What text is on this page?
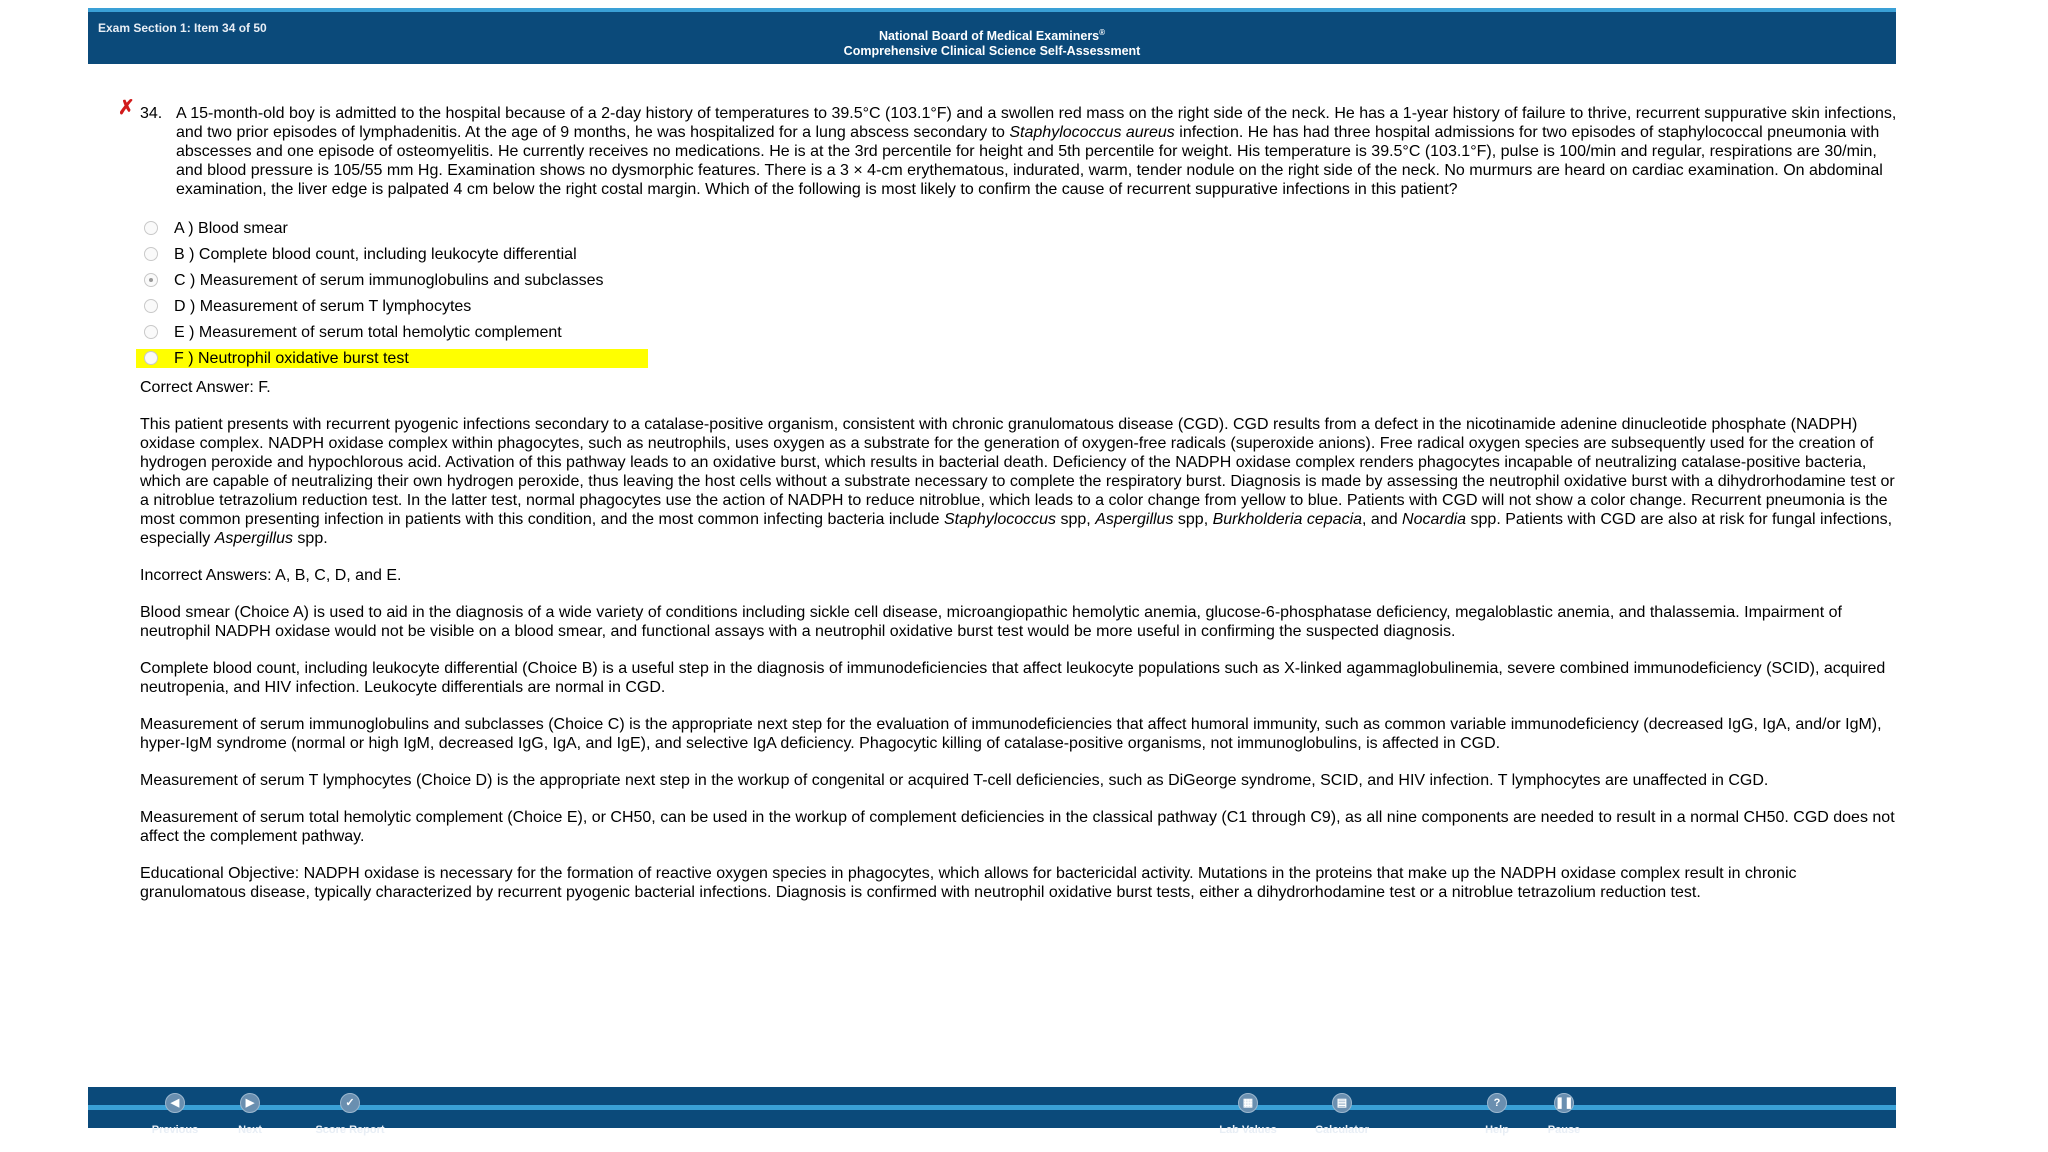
Exam Section 1: Item 34 of 50
National Board of Medical Examiners®
Comprehensive Clinical Science Self-Assessment
✗ 34. A 15-month-old boy is admitted to the hospital because of a 2-day history of temperatures to 39.5°C (103.1°F) and a swollen red mass on the right side of the neck. He has a 1-year history of failure to thrive, recurrent suppurative skin infections, and two prior episodes of lymphadenitis. At the age of 9 months, he was hospitalized for a lung abscess secondary to Staphylococcus aureus infection. He has had three hospital admissions for two episodes of staphylococcal pneumonia with abscesses and one episode of osteomyelitis. He currently receives no medications. He is at the 3rd percentile for height and 5th percentile for weight. His temperature is 39.5°C (103.1°F), pulse is 100/min and regular, respirations are 30/min, and blood pressure is 105/55 mm Hg. Examination shows no dysmorphic features. There is a 3 × 4-cm erythematous, indurated, warm, tender nodule on the right side of the neck. No murmurs are heard on cardiac examination. On abdominal examination, the liver edge is palpated 4 cm below the right costal margin. Which of the following is most likely to confirm the cause of recurrent suppurative infections in this patient?
A ) Blood smear
B ) Complete blood count, including leukocyte differential
C ) Measurement of serum immunoglobulins and subclasses
D ) Measurement of serum T lymphocytes
E ) Measurement of serum total hemolytic complement
F ) Neutrophil oxidative burst test
Correct Answer: F.
This patient presents with recurrent pyogenic infections secondary to a catalase-positive organism, consistent with chronic granulomatous disease (CGD). CGD results from a defect in the nicotinamide adenine dinucleotide phosphate (NADPH) oxidase complex. NADPH oxidase complex within phagocytes, such as neutrophils, uses oxygen as a substrate for the generation of oxygen-free radicals (superoxide anions). Free radical oxygen species are subsequently used for the creation of hydrogen peroxide and hypochlorous acid. Activation of this pathway leads to an oxidative burst, which results in bacterial death. Deficiency of the NADPH oxidase complex renders phagocytes incapable of neutralizing catalase-positive bacteria, which are capable of neutralizing their own hydrogen peroxide, thus leaving the host cells without a substrate necessary to complete the respiratory burst. Diagnosis is made by assessing the neutrophil oxidative burst with a dihydrorhodamine test or a nitroblue tetrazolium reduction test. In the latter test, normal phagocytes use the action of NADPH to reduce nitroblue, which leads to a color change from yellow to blue. Patients with CGD will not show a color change. Recurrent pneumonia is the most common presenting infection in patients with this condition, and the most common infecting bacteria include Staphylococcus spp, Aspergillus spp, Burkholderia cepacia, and Nocardia spp. Patients with CGD are also at risk for fungal infections, especially Aspergillus spp.
Incorrect Answers: A, B, C, D, and E.
Blood smear (Choice A) is used to aid in the diagnosis of a wide variety of conditions including sickle cell disease, microangiopathic hemolytic anemia, glucose-6-phosphatase deficiency, megaloblastic anemia, and thalassemia. Impairment of neutrophil NADPH oxidase would not be visible on a blood smear, and functional assays with a neutrophil oxidative burst test would be more useful in confirming the suspected diagnosis.
Complete blood count, including leukocyte differential (Choice B) is a useful step in the diagnosis of immunodeficiencies that affect leukocyte populations such as X-linked agammaglobulinemia, severe combined immunodeficiency (SCID), acquired neutropenia, and HIV infection. Leukocyte differentials are normal in CGD.
Measurement of serum immunoglobulins and subclasses (Choice C) is the appropriate next step for the evaluation of immunodeficiencies that affect humoral immunity, such as common variable immunodeficiency (decreased IgG, IgA, and/or IgM), hyper-IgM syndrome (normal or high IgM, decreased IgG, IgA, and IgE), and selective IgA deficiency. Phagocytic killing of catalase-positive organisms, not immunoglobulins, is affected in CGD.
Measurement of serum T lymphocytes (Choice D) is the appropriate next step in the workup of congenital or acquired T-cell deficiencies, such as DiGeorge syndrome, SCID, and HIV infection. T lymphocytes are unaffected in CGD.
Measurement of serum total hemolytic complement (Choice E), or CH50, can be used in the workup of complement deficiencies in the classical pathway (C1 through C9), as all nine components are needed to result in a normal CH50. CGD does not affect the complement pathway.
Educational Objective: NADPH oxidase is necessary for the formation of reactive oxygen species in phagocytes, which allows for bactericidal activity. Mutations in the proteins that make up the NADPH oxidase complex result in chronic granulomatous disease, typically characterized by recurrent pyogenic bacterial infections. Diagnosis is confirmed with neutrophil oxidative burst tests, either a dihydrorhodamine test or a nitroblue tetrazolium reduction test.
◀
Previous
▶
Next
✓
Score Report
▦
Lab Values
▤
Calculator
?
Help
❚❚
Pause
